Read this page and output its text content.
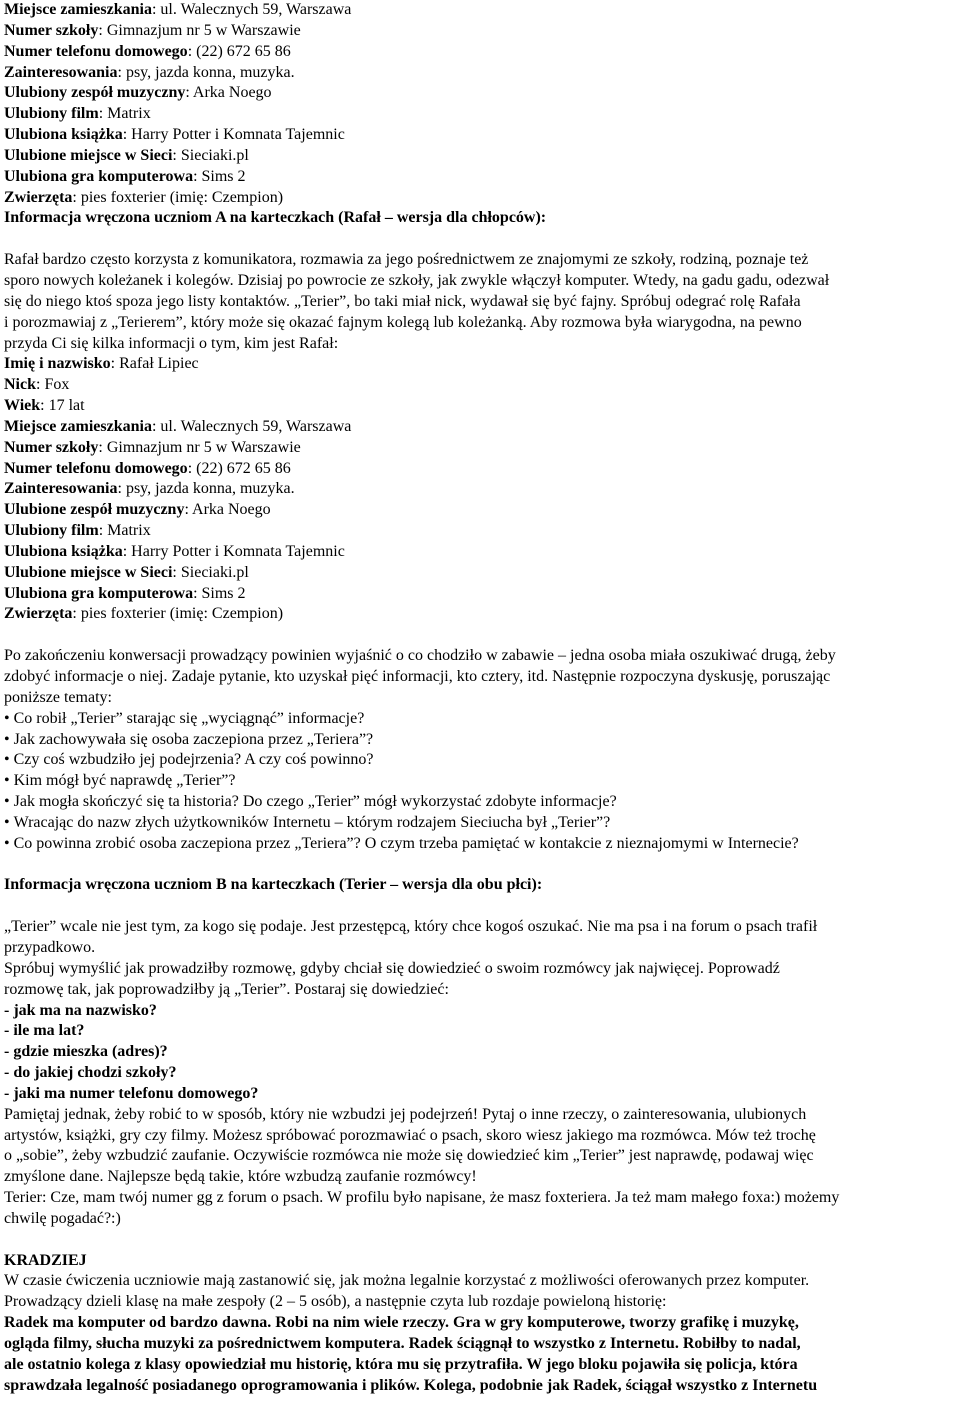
Miejsce zamieszkania: ul. Walecznych 59, Warszawa
Numer szkoły: Gimnazjum nr 5 w Warszawie
Numer telefonu domowego: (22) 672 65 86
Zainteresowania: psy, jazda konna, muzyka.
Ulubiony zespół muzyczny: Arka Noego
Ulubiony film: Matrix
Ulubiona książka: Harry Potter i Komnata Tajemnic
Ulubione miejsce w Sieci: Sieciaki.pl
Ulubiona gra komputerowa: Sims 2
Zwierzęta: pies foxterier (imię: Czempion)
Informacja wręczona uczniom A na karteczkach (Rafał – wersja dla chłopców):
Rafał bardzo często korzysta z komunikatora, rozmawia za jego pośrednictwem ze znajomymi ze szkoły, rodziną, poznaje też
sporo nowych koleżanek i kolegów. Dzisiaj po powrocie ze szkoły, jak zwykle włączył komputer. Wtedy, na gadu gadu, odezwał
się do niego ktoś spoza jego listy kontaktów. „Terier”, bo taki miał nick, wydawał się być fajny. Spróbuj odegrać rolę Rafała
i porozmawiaj z „Terierem”, który może się okazać fajnym kolegą lub koleżanką. Aby rozmowa była wiarygodna, na pewno
przyda Ci się kilka informacji o tym, kim jest Rafał:
Imię i nazwisko: Rafał Lipiec
Nick: Fox
Wiek: 17 lat
Miejsce zamieszkania: ul. Walecznych 59, Warszawa
Numer szkoły: Gimnazjum nr 5 w Warszawie
Numer telefonu domowego: (22) 672 65 86
Zainteresowania: psy, jazda konna, muzyka.
Ulubione zespół muzyczny: Arka Noego
Ulubiony film: Matrix
Ulubiona książka: Harry Potter i Komnata Tajemnic
Ulubione miejsce w Sieci: Sieciaki.pl
Ulubiona gra komputerowa: Sims 2
Zwierzęta: pies foxterier (imię: Czempion)
Po zakończeniu konwersacji prowadzący powinien wyjaśnić o co chodziło w zabawie – jedna osoba miała oszukiwać drugą, żeby
zdobyć informacje o niej. Zadaje pytanie, kto uzyskał pięć informacji, kto cztery, itd. Następnie rozpoczyna dyskusję, poruszając
poniższe tematy:
• Co robił „Terier” starając się „wyciągnąć” informacje?
• Jak zachowywała się osoba zaczepiona przez „Teriera”?
• Czy coś wzbudziło jej podejrzenia? A czy coś powinno?
• Kim mógł być naprawdę „Terier”?
• Jak mogła skończyć się ta historia? Do czego „Terier” mógł wykorzystać zdobyte informacje?
• Wracając do nazw złych użytkowników Internetu – którym rodzajem Sieciucha był „Terier”?
• Co powinna zrobić osoba zaczepiona przez „Teriera”? O czym trzeba pamiętać w kontakcie z nieznajomymi w Internecie?
Informacja wręczona uczniom B na karteczkach (Terier – wersja dla obu płci):
„Terier” wcale nie jest tym, za kogo się podaje. Jest przestępcą, który chce kogoś oszukać. Nie ma psa i na forum o psach trafił
przypadkowo.
Spróbuj wymyślić jak prowadziłby rozmowę, gdyby chciał się dowiedzieć o swoim rozmówcy jak najwięcej. Poprowadź
rozmowę tak, jak poprowadziłby ją „Terier”. Postaraj się dowiedzieć:
- jak ma na nazwisko?
- ile ma lat?
- gdzie mieszka (adres)?
- do jakiej chodzi szkoły?
- jaki ma numer telefonu domowego?
Pamiętaj jednak, żeby robić to w sposób, który nie wzbudzi jej podejrzeń! Pytaj o inne rzeczy, o zainteresowania, ulubionych
artystów, książki, gry czy filmy. Możesz spróbować porozmawiać o psach, skoro wiesz jakiego ma rozmówca. Mów też trochę
o „sobie”, żeby wzbudzić zaufanie. Oczywiście rozmówca nie może się dowiedzieć kim „Terier” jest naprawdę, podawaj więc
zmyślone dane. Najlepsze będą takie, które wzbudzą zaufanie rozmówcy!
Terier: Cze, mam twój numer gg z forum o psach. W profilu było napisane, że masz foxteriera. Ja też mam małego foxa:) możemy
chwilę pogadać?:)
KRADZIEJ
W czasie ćwiczenia uczniowie mają zastanowić się, jak można legalnie korzystać z możliwości oferowanych przez komputer.
Prowadzący dzieli klasę na małe zespoły (2 – 5 osób), a następnie czyta lub rozdaje powieloną historię:
Radek ma komputer od bardzo dawna. Robi na nim wiele rzeczy. Gra w gry komputerowe, tworzy grafikę i muzykę,
ogląda filmy, słucha muzyki za pośrednictwem komputera. Radek ściągnął to wszystko z Internetu. Robiłby to nadal,
ale ostatnio kolega z klasy opowiedział mu historię, która mu się przytrafiła. W jego bloku pojawiła się policja, która
sprawdzała legalność posiadanego oprogramowania i plików. Kolega, podobnie jak Radek, ściągał wszystko z Internetu
